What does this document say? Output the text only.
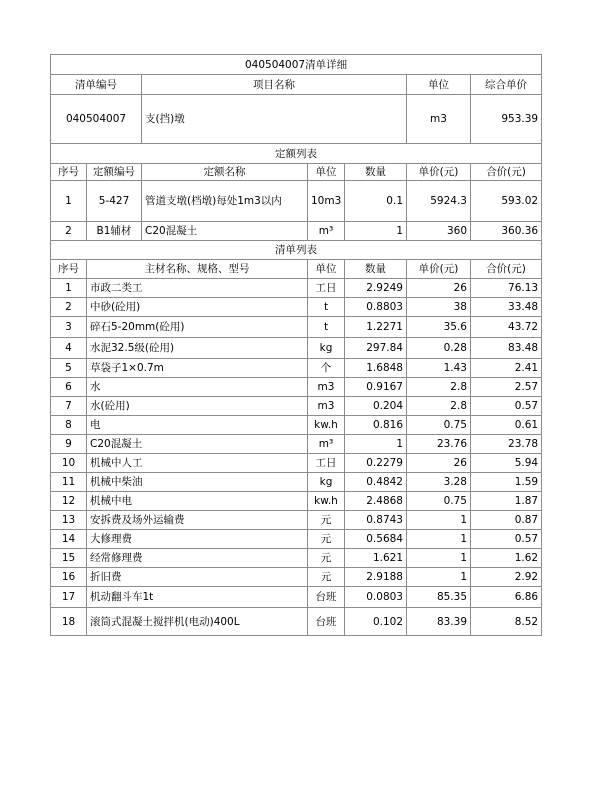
040504007清单详细						
清单编号		项目名称			单位	综合单价
040504007		支(挡)墩			m3	953.39
定额列表						
序号	定额编号	定额名称	单位	数量	单价(元)	合价(元)
1	5-427	管道支墩(档墩)每处1m3以内	10m3	0.1	5924.3	593.02
2	B1辅材	C20混凝土	m³	1	360	360.36
清单列表						
序号	主材名称、规格、型号		单位	数量	单价(元)	合价(元)
1	市政二类工		工日	2.9249	26	76.13
2	中砂(砼用)		t	0.8803	38	33.48
3	碎石5-20mm(砼用)		t	1.2271	35.6	43.72
4	水泥32.5级(砼用)		kg	297.84	0.28	83.48
5	草袋子1×0.7m		个	1.6848	1.43	2.41
6	水		m3	0.9167	2.8	2.57
7	水(砼用)		m3	0.204	2.8	0.57
8	电		kw.h	0.816	0.75	0.61
9	C20混凝土		m³	1	23.76	23.78
10	机械中人工		工日	0.2279	26	5.94
11	机械中柴油		kg	0.4842	3.28	1.59
12	机械中电		kw.h	2.4868	0.75	1.87
13	安拆费及场外运输费		元	0.8743	1	0.87
14	大修理费		元	0.5684	1	0.57
15	经常修理费		元	1.621	1	1.62
16	折旧费		元	2.9188	1	2.92
17	机动翻斗车1t		台班	0.0803	85.35	6.86
18	滚筒式混凝土搅拌机(电动)400L		台班	0.102	83.39	8.52
